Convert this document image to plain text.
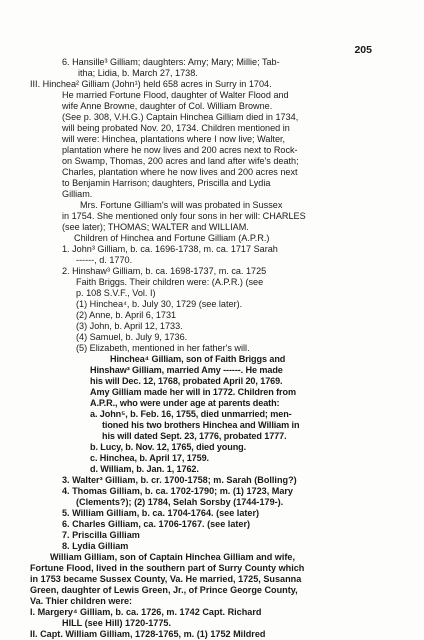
205
6. Hansille³ Gilliam; daughters: Amy; Mary; Millie; Tab-
itha; Lidia, b. March 27, 1738.
III. Hinchea² Gilliam (John¹) held 658 acres in Surry in 1704.
He married Fortune Flood, daughter of Walter Flood and
wife Anne Browne, daughter of Col. William Browne.
(See p. 308, V.H.G.) Captain Hinchea Gilliam died in 1734,
will being probated Nov. 20, 1734. Children mentioned in
will were: Hinchea, plantations where I now live; Walter,
plantation where he now lives and 200 acres next to Rock-
on Swamp, Thomas, 200 acres and land after wife's death;
Charles, plantation where he now lives and 200 acres next
to Benjamin Harrison; daughters, Priscilla and Lydia
Gilliam.
Mrs. Fortune Gilliam's will was probated in Sussex
in 1754. She mentioned only four sons in her will: CHARLES
(see later); THOMAS; WALTER and WILLIAM.
Children of Hinchea and Fortune Gilliam (A.P.R.)
1. John³ Gilliam, b. ca. 1696-1738, m. ca. 1717 Sarah
------, d. 1770.
2. Hinshaw³ Gilliam, b. ca. 1698-1737, m. ca. 1725
Faith Briggs. Their children were: (A.P.R.) (see
p. 108 S.V.F., Vol. I)
(1) Hinchea⁴, b. July 30, 1729 (see later).
(2) Anne, b. April 6, 1731
(3) John, b. April 12, 1733.
(4) Samuel, b. July 9, 1736.
(5) Elizabeth, mentioned in her father's will.
Hinchea⁴ Gilliam, son of Faith Briggs and
Hinshaw³ Gilliam, married Amy ------. He made
his will Dec. 12, 1768, probated April 20, 1769.
Amy Gilliam made her will in 1772. Children from
A.P.R., who were under age at parents death:
a. John⁵, b. Feb. 16, 1755, died unmarried; men-
tioned his two brothers Hinchea and William in
his will dated Sept. 23, 1776, probated 1777.
b. Lucy, b. Nov. 12, 1765, died young.
c. Hinchea, b. April 17, 1759.
d. William, b. Jan. 1, 1762.
3. Walter³ Gilliam, b. cr. 1700-1758; m. Sarah (Bolling?)
4. Thomas Gilliam, b. ca. 1702-1790; m. (1) 1723, Mary
(Clements?); (2) 1784, Selah Sorsby (1744-179-).
5. William Gilliam, b. ca. 1704-1764. (see later)
6. Charles Gilliam, ca. 1706-1767. (see later)
7. Priscilla Gilliam
8. Lydia Gilliam
William Gilliam, son of Captain Hinchea Gilliam and wife,
Fortune Flood, lived in the southern part of Surry County which
in 1753 became Sussex County, Va. He married, 1725, Susanna
Green, daughter of Lewis Green, Jr., of Prince George County,
Va. Thier children were:
I. Margery⁴ Gilliam, b. ca. 1726, m. 1742 Capt. Richard
HILL (see Hill) 1720-1775.
II. Capt. William Gilliam, 1728-1765, m. (1) 1752 Mildred
